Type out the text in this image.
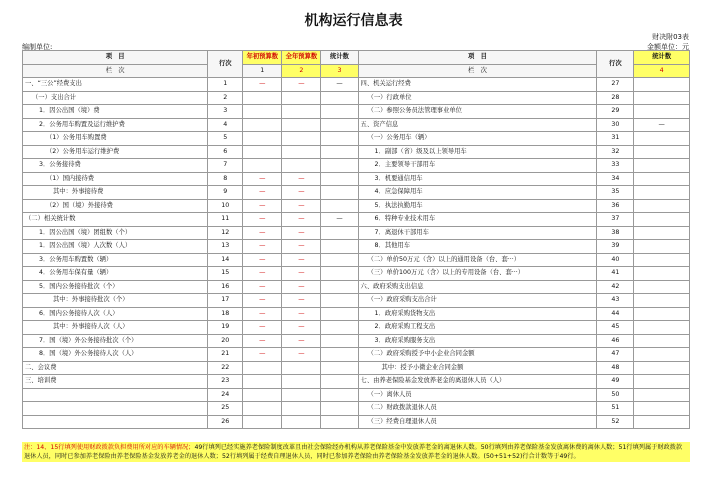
机构运行信息表
财决附03表
编制单位:	金额单位：元
项　目	行次	年初预算数	全年预算数	统计数	项　目	行次	统计数
栏　次		1	2	3	栏　次		4
一、“三公”经费支出	1	—	—	—	四、机关运行经费	27	
（一）支出合计	2				（一）行政单位	28	
1．因公出国（境）费	3				（二）参照公务员法管理事业单位	29	
2．公务用车购置及运行维护费	4				五、资产信息	30	—
（1）公务用车购置费	5				（一）公务用车（辆）	31	
（2）公务用车运行维护费	6				1．副部（省）级及以上领导用车	32	
3．公务接待费	7				2．主要领导干部用车	33	
（1）国内接待费	8	—	—		3．机要通信用车	34	
其中：外事接待费	9	—	—		4．应急保障用车	35	
（2）国（境）外接待费	10	—	—		5．执法执勤用车	36	
（二）相关统计数	11	—	—	—	6．特种专业技术用车	37	
1．因公出国（境）团组数（个）	12	—	—		7．离退休干部用车	38	
1．因公出国（境）人次数（人）	13	—	—		8．其他用车	39	
3．公务用车购置数（辆）	14	—	—		（二）单价50万元（含）以上的通用设备（台、套···）	40	
4．公务用车保有量（辆）	15	—	—		（三）单价100万元（含）以上的专用设备（台、套···）	41	
5．国内公务接待批次（个）	16	—	—		六、政府采购支出信息	42	
其中：外事接待批次（个）	17	—	—		（一）政府采购支出合计	43	
6．国内公务接待人次（人）	18	—	—		1．政府采购货物支出	44	
其中：外事接待人次（人）	19	—	—		2．政府采购工程支出	45	
7．国（境）外公务接待批次（个）	20	—	—		3．政府采购服务支出	46	
8．国（境）外公务接待人次（人）	21	—	—		（二）政府采购授予中小企业合同金额	47	
二、会议费	22				其中：授予小微企业合同金额	48	
三、培训费	23				七、由养老保险基金发放养老金的离退休人员（人）	49	
	24				（一）离休人员	50	
	25				（二）财政拨款退休人员	51	
	26				（三）经费自理退休人员	52	
注：14、15行填列使用财政拨款负担费用所对应的车辆情况；49行填列已经实施养老保险制度改革且由社会保险经办机构从养老保险基金中发放养老金的离退休人数。50行填列由养老保险基金发放离休费的离休人数；51行填列属于财政拨款退休人员，同时已参加养老保险由养老保险基金发放养老金的退休人数；52行填列属于经费自理退休人员，同时已参加养老保险由养老保险基金发放养老金的退休人数。(50+51+52)行合计数等于49行。
